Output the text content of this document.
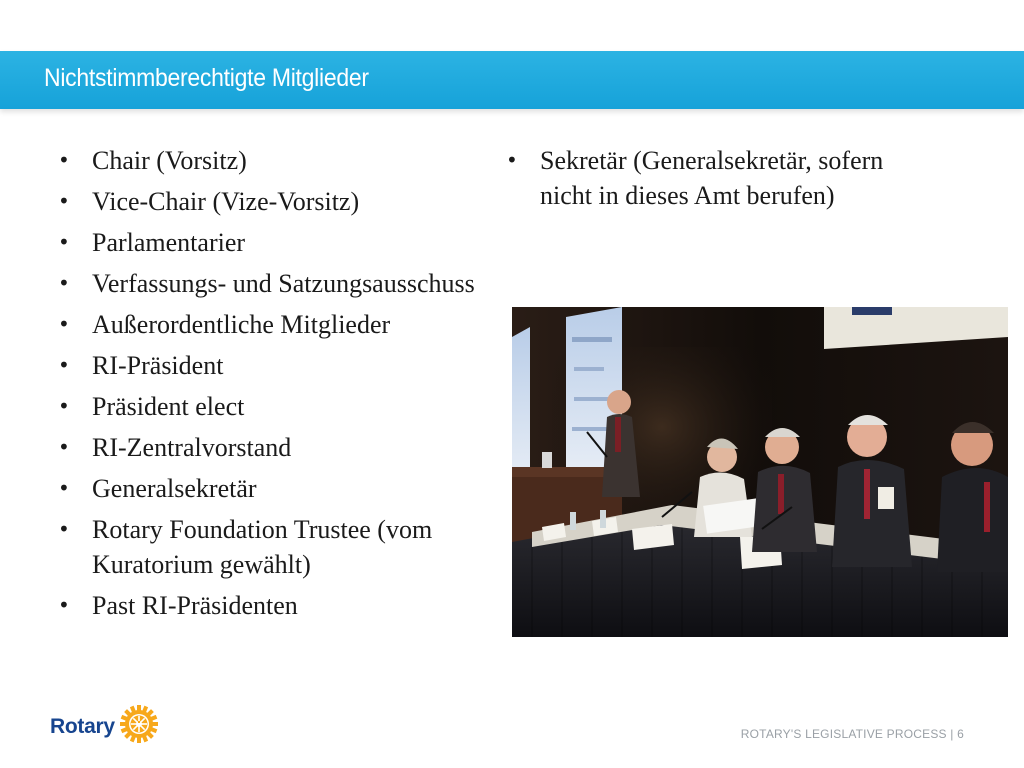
Nichtstimmberechtigte Mitglieder
• Chair (Vorsitz)
• Vice-Chair (Vize-Vorsitz)
• Parlamentarier
• Verfassungs- und Satzungsausschuss
• Außerordentliche Mitglieder
• RI-Präsident
• Präsident elect
• RI-Zentralvorstand
• Generalsekretär
• Rotary Foundation Trustee (vom Kuratorium gewählt)
• Past RI-Präsidenten
• Sekretär (Generalsekretär, sofern nicht in dieses Amt berufen)
Rotary	ROTARY'S LEGISLATIVE PROCESS | 6
